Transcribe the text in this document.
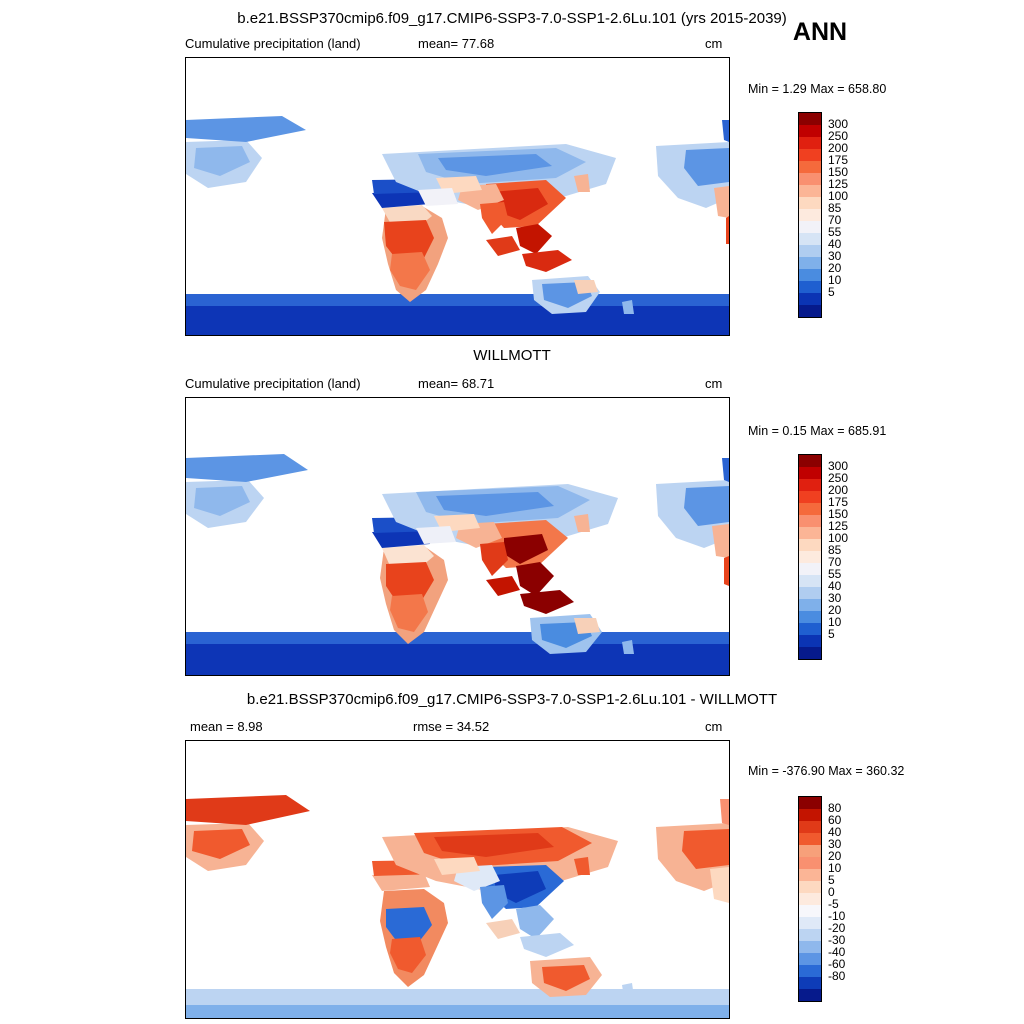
b.e21.BSSP370cmip6.f09_g17.CMIP6-SSP3-7.0-SSP1-2.6Lu.101 (yrs 2015-2039) ANN
Cumulative precipitation (land)	mean= 77.68	cm
Min = 1.29 Max = 658.80
300
250
200
175
150
125
100
85
70
55
40
30
20
10
5
WILLMOTT
Cumulative precipitation (land)	mean= 68.71	cm
Min = 0.15 Max = 685.91
300
250
200
175
150
125
100
85
70
55
40
30
20
10
5
b.e21.BSSP370cmip6.f09_g17.CMIP6-SSP3-7.0-SSP1-2.6Lu.101 - WILLMOTT
mean = 8.98	rmse = 34.52	cm
Min = -376.90 Max = 360.32
80
60
40
30
20
10
5
0
-5
-10
-20
-30
-40
-60
-80
